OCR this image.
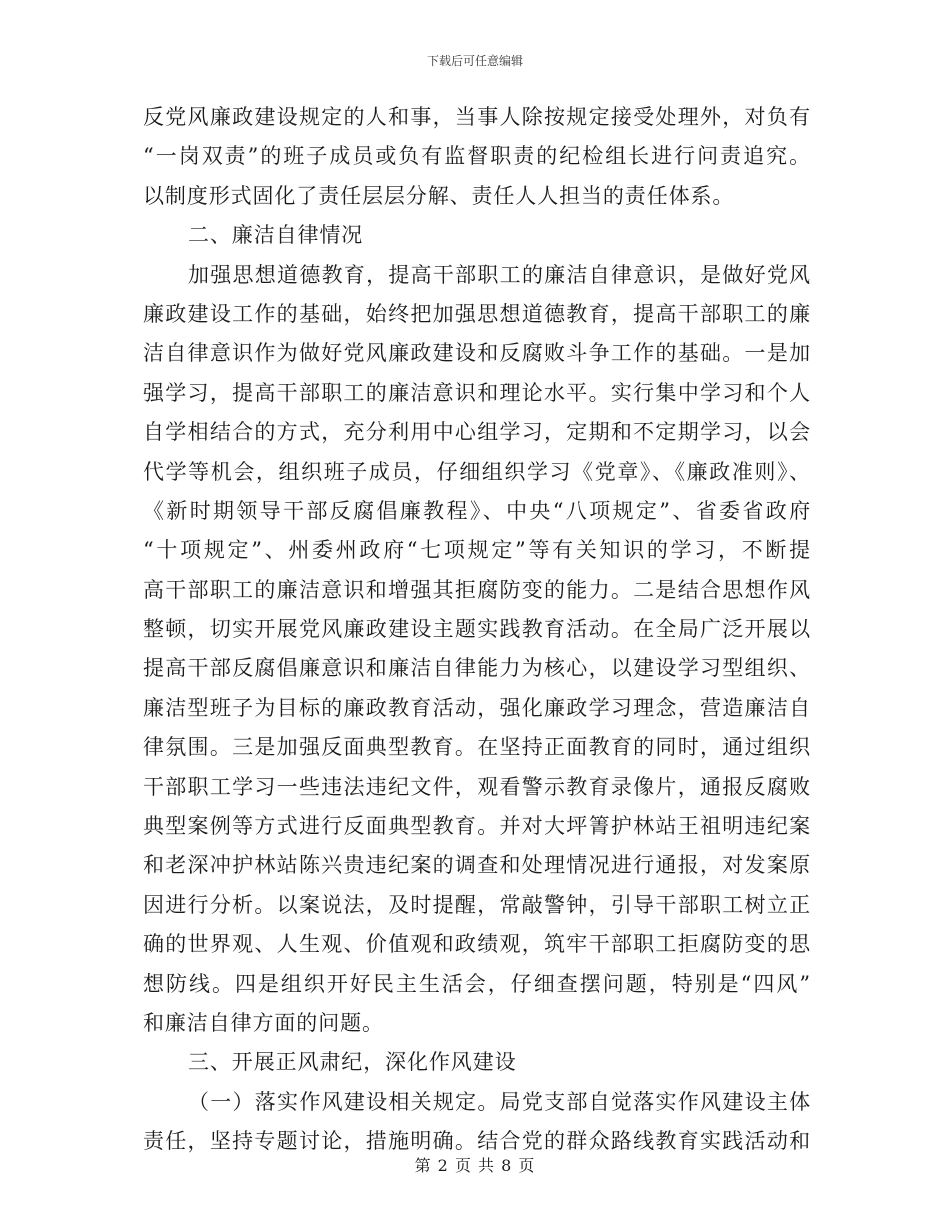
下载后可任意编辑
反党风廉政建设规定的人和事，当事人除按规定接受处理外，对负有
“一岗双责”的班子成员或负有监督职责的纪检组长进行问责追究。
以制度形式固化了责任层层分解、责任人人担当的责任体系。
二、廉洁自律情况
加强思想道德教育，提高干部职工的廉洁自律意识，是做好党风
廉政建设工作的基础，始终把加强思想道德教育，提高干部职工的廉
洁自律意识作为做好党风廉政建设和反腐败斗争工作的基础。一是加
强学习，提高干部职工的廉洁意识和理论水平。实行集中学习和个人
自学相结合的方式，充分利用中心组学习，定期和不定期学习，以会
代学等机会，组织班子成员，仔细组织学习《党章》、《廉政准则》、
《新时期领导干部反腐倡廉教程》、中央“八项规定”、省委省政府
“十项规定”、州委州政府“七项规定”等有关知识的学习，不断提
高干部职工的廉洁意识和增强其拒腐防变的能力。二是结合思想作风
整顿，切实开展党风廉政建设主题实践教育活动。在全局广泛开展以
提高干部反腐倡廉意识和廉洁自律能力为核心，以建设学习型组织、
廉洁型班子为目标的廉政教育活动，强化廉政学习理念，营造廉洁自
律氛围。三是加强反面典型教育。在坚持正面教育的同时，通过组织
干部职工学习一些违法违纪文件，观看警示教育录像片，通报反腐败
典型案例等方式进行反面典型教育。并对大坪箐护林站王祖明违纪案
和老深冲护林站陈兴贵违纪案的调查和处理情况进行通报，对发案原
因进行分析。以案说法，及时提醒，常敲警钟，引导干部职工树立正
确的世界观、人生观、价值观和政绩观，筑牢干部职工拒腐防变的思
想防线。四是组织开好民主生活会，仔细查摆问题，特别是“四风”
和廉洁自律方面的问题。
三、开展正风肃纪，深化作风建设
（一）落实作风建设相关规定。局党支部自觉落实作风建设主体
责任，坚持专题讨论，措施明确。结合党的群众路线教育实践活动和
第 2 页 共 8 页
